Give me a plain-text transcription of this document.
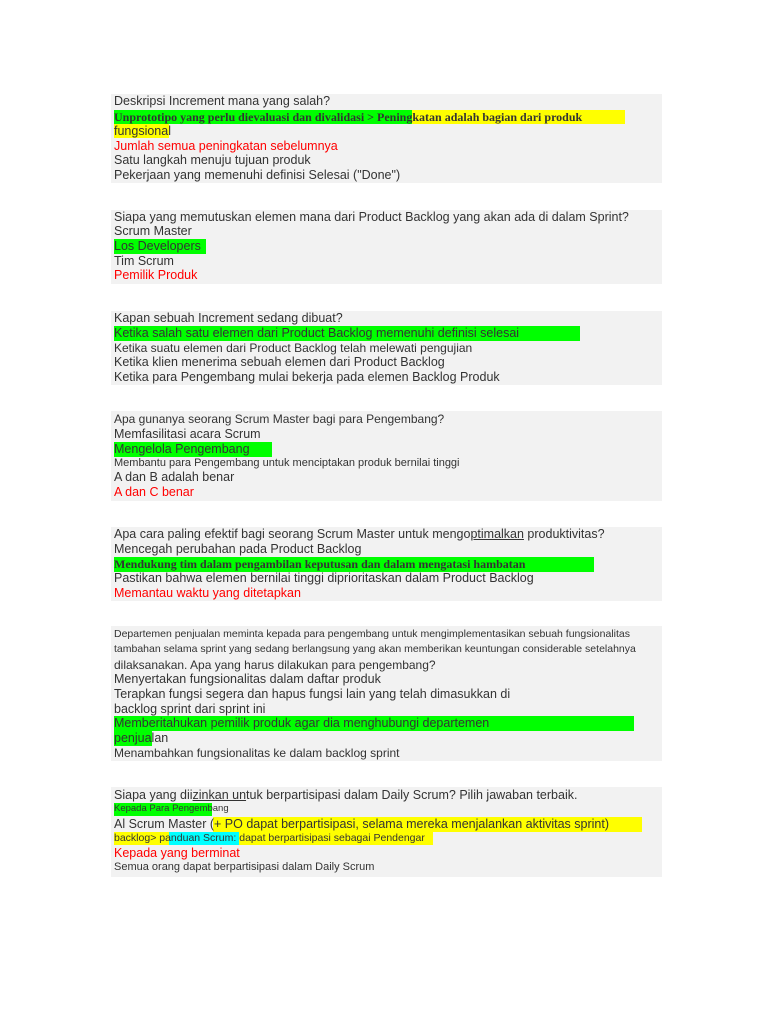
Deskripsi Increment mana yang salah?
Unprototipo yang perlu dievaluasi dan divalidasi > Peningkatan adalah bagian dari produk
fungsional
Jumlah semua peningkatan sebelumnya
Satu langkah menuju tujuan produk
Pekerjaan yang memenuhi definisi Selesai ("Done")
Siapa yang memutuskan elemen mana dari Product Backlog yang akan ada di dalam Sprint?
Scrum Master
Los Developers
Tim Scrum
Pemilik Produk
Kapan sebuah Increment sedang dibuat?
Ketika salah satu elemen dari Product Backlog memenuhi definisi selesai
Ketika suatu elemen dari Product Backlog telah melewati pengujian
Ketika klien menerima sebuah elemen dari Product Backlog
Ketika para Pengembang mulai bekerja pada elemen Backlog Produk
Apa gunanya seorang Scrum Master bagi para Pengembang?
Memfasilitasi acara Scrum
Mengelola Pengembang
Membantu para Pengembang untuk menciptakan produk bernilai tinggi
A dan B adalah benar
A dan C benar
Apa cara paling efektif bagi seorang Scrum Master untuk mengoptimalkan produktivitas?
Mencegah perubahan pada Product Backlog
Mendukung tim dalam pengambilan keputusan dan dalam mengatasi hambatan
Pastikan bahwa elemen bernilai tinggi diprioritaskan dalam Product Backlog
Memantau waktu yang ditetapkan
Departemen penjualan meminta kepada para pengembang untuk mengimplementasikan sebuah fungsionalitas
tambahan selama sprint yang sedang berlangsung yang akan memberikan keuntungan considerable setelahnya
dilaksanakan. Apa yang harus dilakukan para pengembang?
Menyertakan fungsionalitas dalam daftar produk
Terapkan fungsi segera dan hapus fungsi lain yang telah dimasukkan di
backlog sprint dari sprint ini
Memberitahukan pemilik produk agar dia menghubungi departemen
penjualan
Menambahkan fungsionalitas ke dalam backlog sprint
Siapa yang diizinkan untuk berpartisipasi dalam Daily Scrum? Pilih jawaban terbaik.
Kepada Para Pengembang
Al Scrum Master (+ PO dapat berpartisipasi, selama mereka menjalankan aktivitas sprint)
backlog> panduan Scrum: dapat berpartisipasi sebagai Pendengar
Kepada yang berminat
Semua orang dapat berpartisipasi dalam Daily Scrum
